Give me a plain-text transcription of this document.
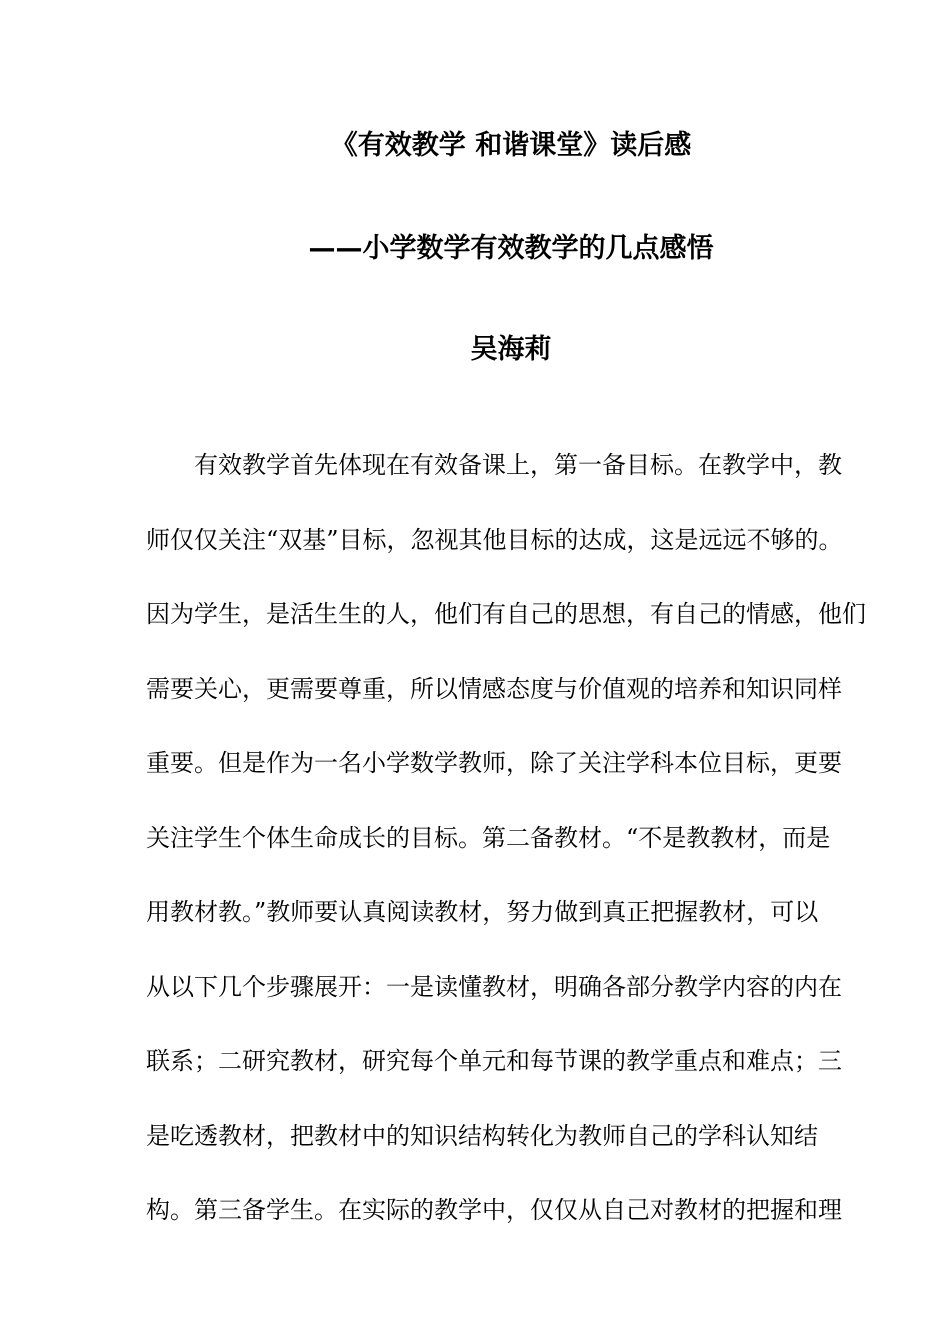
《有效教学 和谐课堂》读后感
——小学数学有效教学的几点感悟
吴海莉
有效教学首先体现在有效备课上，第一备目标。在教学中，教
师仅仅关注“双基”目标，忽视其他目标的达成，这是远远不够的。
因为学生，是活生生的人，他们有自己的思想，有自己的情感，他们
需要关心，更需要尊重，所以情感态度与价值观的培养和知识同样
重要。但是作为一名小学数学教师，除了关注学科本位目标，更要
关注学生个体生命成长的目标。第二备教材。“不是教教材，而是
用教材教。”教师要认真阅读教材，努力做到真正把握教材，可以
从以下几个步骤展开：一是读懂教材，明确各部分教学内容的内在
联系；二研究教材，研究每个单元和每节课的教学重点和难点；三
是吃透教材，把教材中的知识结构转化为教师自己的学科认知结
构。第三备学生。在实际的教学中，仅仅从自己对教材的把握和理
